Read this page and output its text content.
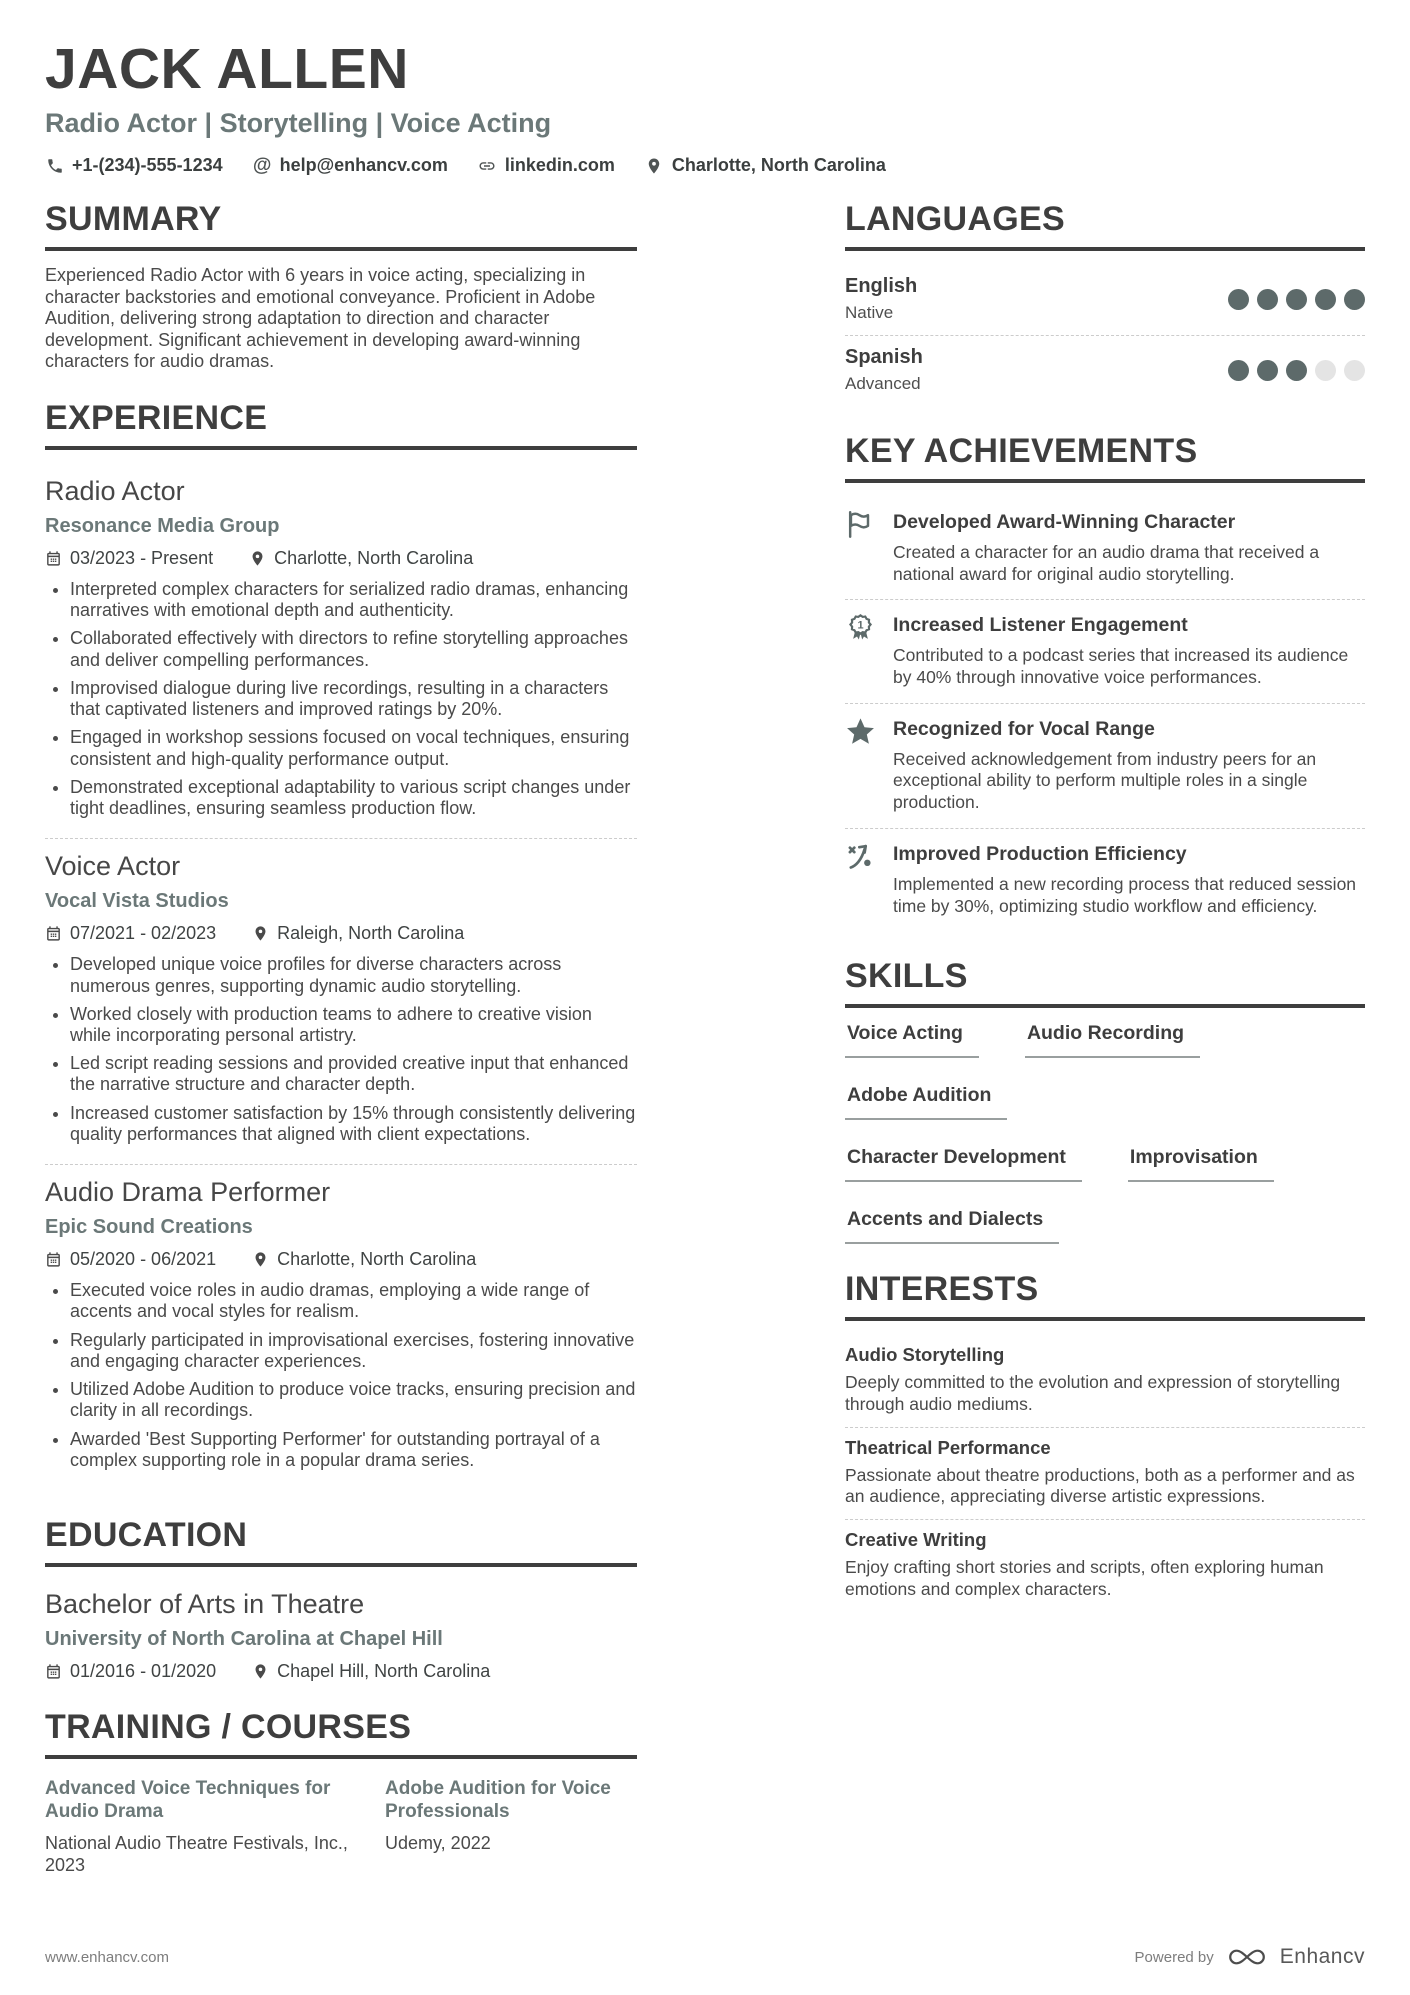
JACK ALLEN
Radio Actor | Storytelling | Voice Acting
+1-(234)-555-1234 @ help@enhancv.com	linkedin.com	Charlotte, North Carolina
SUMMARY

Experienced Radio Actor with 6 years in voice acting, specializing in character backstories and emotional conveyance. Proficient in Adobe Audition, delivering strong adaptation to direction and character development. Significant achievement in developing award-winning characters for audio dramas.

EXPERIENCE
Radio Actor
Resonance Media Group
03/2023 - Present	Charlotte, North Carolina
• Interpreted complex characters for serialized radio dramas, enhancing narratives with emotional depth and authenticity.
• Collaborated effectively with directors to refine storytelling approaches and deliver compelling performances.
• Improvised dialogue during live recordings, resulting in a characters that captivated listeners and improved ratings by 20%.
• Engaged in workshop sessions focused on vocal techniques, ensuring consistent and high-quality performance output.
• Demonstrated exceptional adaptability to various script changes under tight deadlines, ensuring seamless production flow.
Voice Actor
Vocal Vista Studios
07/2021 - 02/2023	Raleigh, North Carolina
• Developed unique voice profiles for diverse characters across numerous genres, supporting dynamic audio storytelling.
• Worked closely with production teams to adhere to creative vision while incorporating personal artistry.
• Led script reading sessions and provided creative input that enhanced the narrative structure and character depth.
• Increased customer satisfaction by 15% through consistently delivering quality performances that aligned with client expectations.
Audio Drama Performer
Epic Sound Creations
05/2020 - 06/2021	Charlotte, North Carolina
• Executed voice roles in audio dramas, employing a wide range of accents and vocal styles for realism.
• Regularly participated in improvisational exercises, fostering innovative and engaging character experiences.
• Utilized Adobe Audition to produce voice tracks, ensuring precision and clarity in all recordings.
• Awarded 'Best Supporting Performer' for outstanding portrayal of a complex supporting role in a popular drama series.
EDUCATION
Bachelor of Arts in Theatre
University of North Carolina at Chapel Hill
01/2016 - 01/2020	Chapel Hill, North Carolina
TRAINING / COURSES
Advanced Voice Techniques for Audio Drama
National Audio Theatre Festivals, Inc., 2023
Adobe Audition for Voice Professionals
Udemy, 2022
LANGUAGES
English
Native
Spanish
Advanced
KEY ACHIEVEMENTS
Developed Award-Winning Character
Created a character for an audio drama that received a national award for original audio storytelling.
1 Increased Listener Engagement
Contributed to a podcast series that increased its audience by 40% through innovative voice performances.
Recognized for Vocal Range
Received acknowledgement from industry peers for an exceptional ability to perform multiple roles in a single production.
Improved Production Efficiency
Implemented a new recording process that reduced session time by 30%, optimizing studio workflow and efficiency.
SKILLS
Voice Acting	Audio Recording
Adobe Audition
Character Development	Improvisation
Accents and Dialects
INTERESTS
Audio Storytelling
Deeply committed to the evolution and expression of storytelling through audio mediums.
Theatrical Performance
Passionate about theatre productions, both as a performer and as an audience, appreciating diverse artistic expressions.
Creative Writing
Enjoy crafting short stories and scripts, often exploring human emotions and complex characters.
www.enhancv.com	Powered by	Enhancv
